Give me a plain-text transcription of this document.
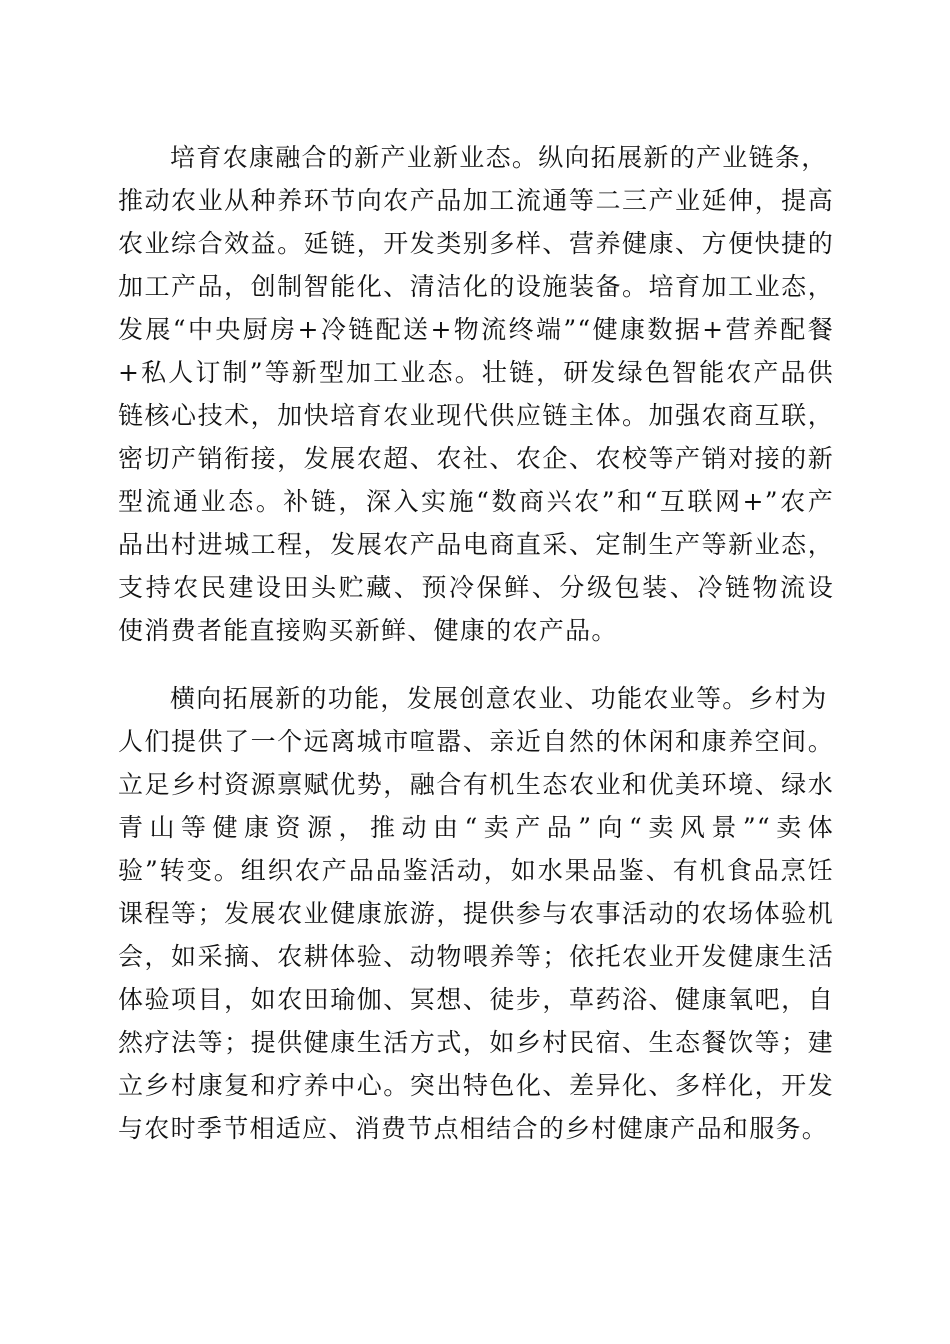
培育农康融合的新产业新业态。纵向拓展新的产业链条，
推动农业从种养环节向农产品加工流通等二三产业延伸，提高
农业综合效益。延链，开发类别多样、营养健康、方便快捷的
加工产品，创制智能化、清洁化的设施装备。培育加工业态，
发展“中央厨房+冷链配送+物流终端”“健康数据+营养配餐
+私人订制”等新型加工业态。壮链，研发绿色智能农产品供
链核心技术，加快培育农业现代供应链主体。加强农商互联，
密切产销衔接，发展农超、农社、农企、农校等产销对接的新
型流通业态。补链，深入实施“数商兴农”和“互联网+”农产
品出村进城工程，发展农产品电商直采、定制生产等新业态，
支持农民建设田头贮藏、预冷保鲜、分级包装、冷链物流设
使消费者能直接购买新鲜、健康的农产品。
横向拓展新的功能，发展创意农业、功能农业等。乡村为
人们提供了一个远离城市喧嚣、亲近自然的休闲和康养空间。
立足乡村资源禀赋优势，融合有机生态农业和优美环境、绿水
青山等健康资源，推动由“卖产品”向“卖风景”“卖体
验”转变。组织农产品品鉴活动，如水果品鉴、有机食品烹饪
课程等；发展农业健康旅游，提供参与农事活动的农场体验机
会，如采摘、农耕体验、动物喂养等；依托农业开发健康生活
体验项目，如农田瑜伽、冥想、徒步，草药浴、健康氧吧，自
然疗法等；提供健康生活方式，如乡村民宿、生态餐饮等；建
立乡村康复和疗养中心。突出特色化、差异化、多样化，开发
与农时季节相适应、消费节点相结合的乡村健康产品和服务。
